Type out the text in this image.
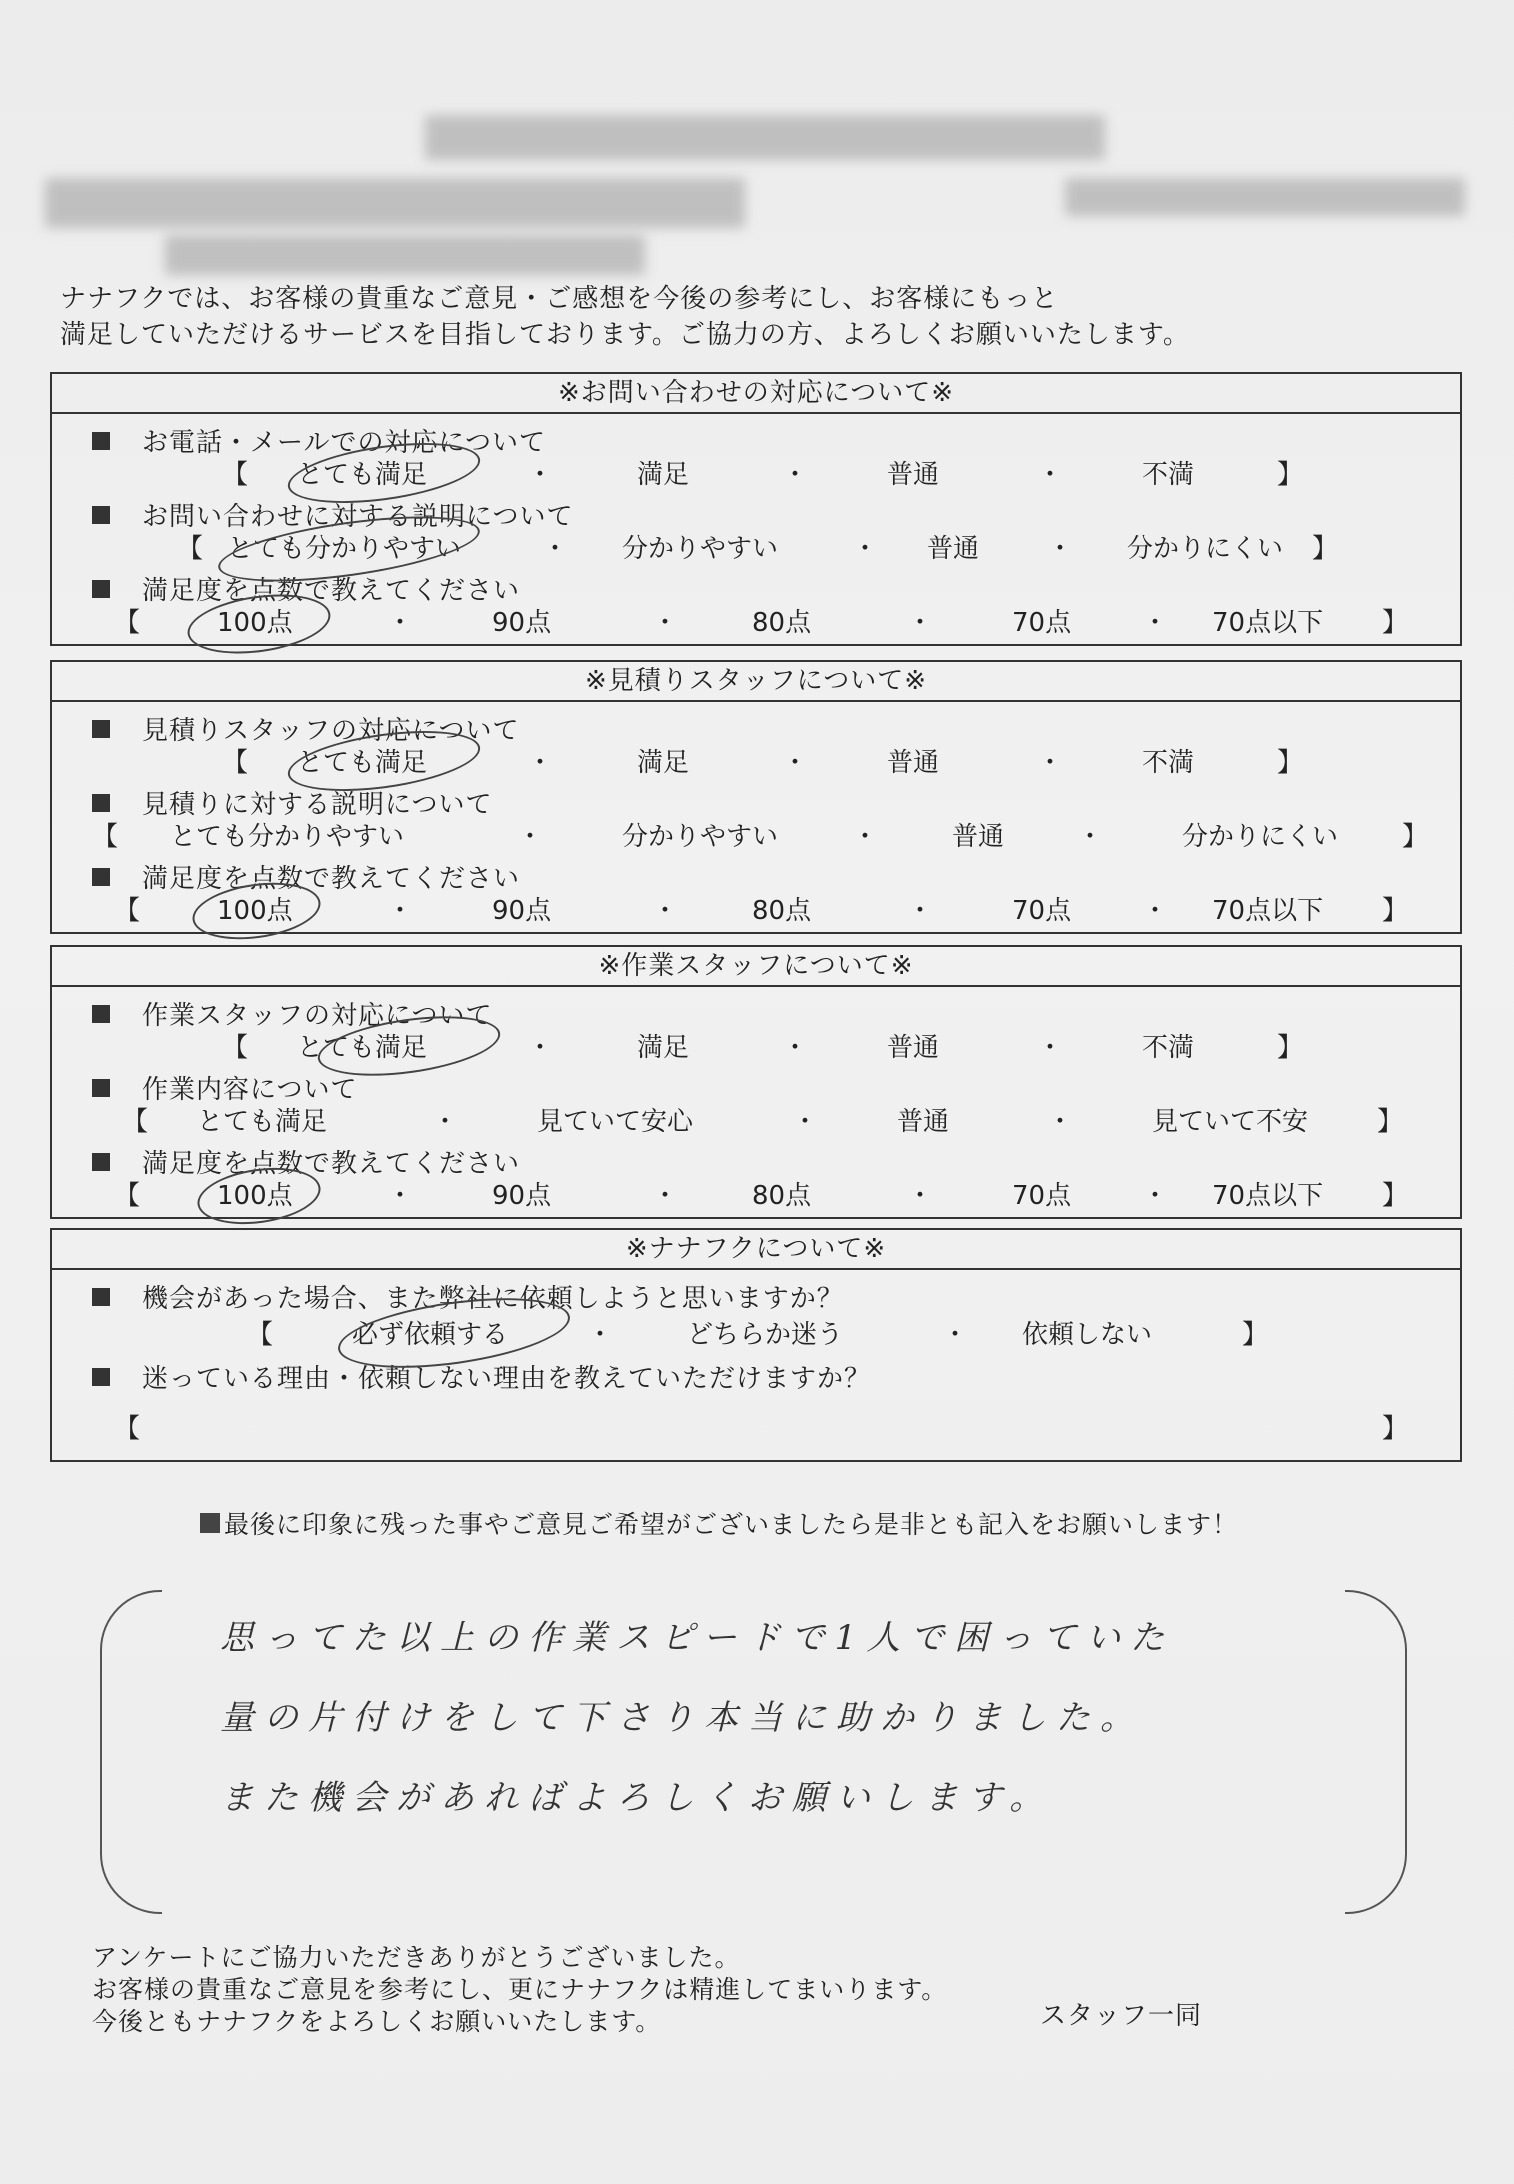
ナナフクでは、お客様の貴重なご意見・ご感想を今後の参考にし、お客様にもっと
満足していただけるサービスを目指しております。ご協力の方、よろしくお願いいたします。
※お問い合わせの対応について※
お電話・メールでの対応について
【 とても満足	・	満足	・	普通	・	不満	】
お問い合わせに対する説明について
【 とても分かりやすい	・ 分かりやすい	・ 普通	・ 分かりにくい 】
満足度を点数で教えてください
【	100点	・	90点	・	80点	・	70点	・ 70点以下 】
※見積りスタッフについて※
見積りスタッフの対応について
【 とても満足	・	満足	・	普通	・	不満	】
見積りに対する説明について
【 とても分かりやすい	・	分かりやすい	・	普通	・	分かりにくい 】
満足度を点数で教えてください
【	100点	・	90点	・	80点	・	70点	・ 70点以下 】
※作業スタッフについて※
作業スタッフの対応について
【 とても満足	・	満足	・	普通	・	不満	】
作業内容について
【 とても満足	・	見ていて安心	・	普通	・	見ていて不安	】
満足度を点数で教えてください
【	100点	・	90点	・	80点	・	70点	・ 70点以下 】
※ナナフクについて※
機会があった場合、また弊社に依頼しようと思いますか？
【	必ず依頼する	・	どちらか迷う	・ 依頼しない	】
迷っている理由・依頼しない理由を教えていただけますか？
【	】
最後に印象に残った事やご意見ご希望がございましたら是非とも記入をお願いします！
思ってた以上の作業スピードで1人で困っていた
量の片付けをして下さり本当に助かりました。
また機会があればよろしくお願いします。
アンケートにご協力いただきありがとうございました。
お客様の貴重なご意見を参考にし、更にナナフクは精進してまいります。
今後ともナナフクをよろしくお願いいたします。	スタッフ一同
